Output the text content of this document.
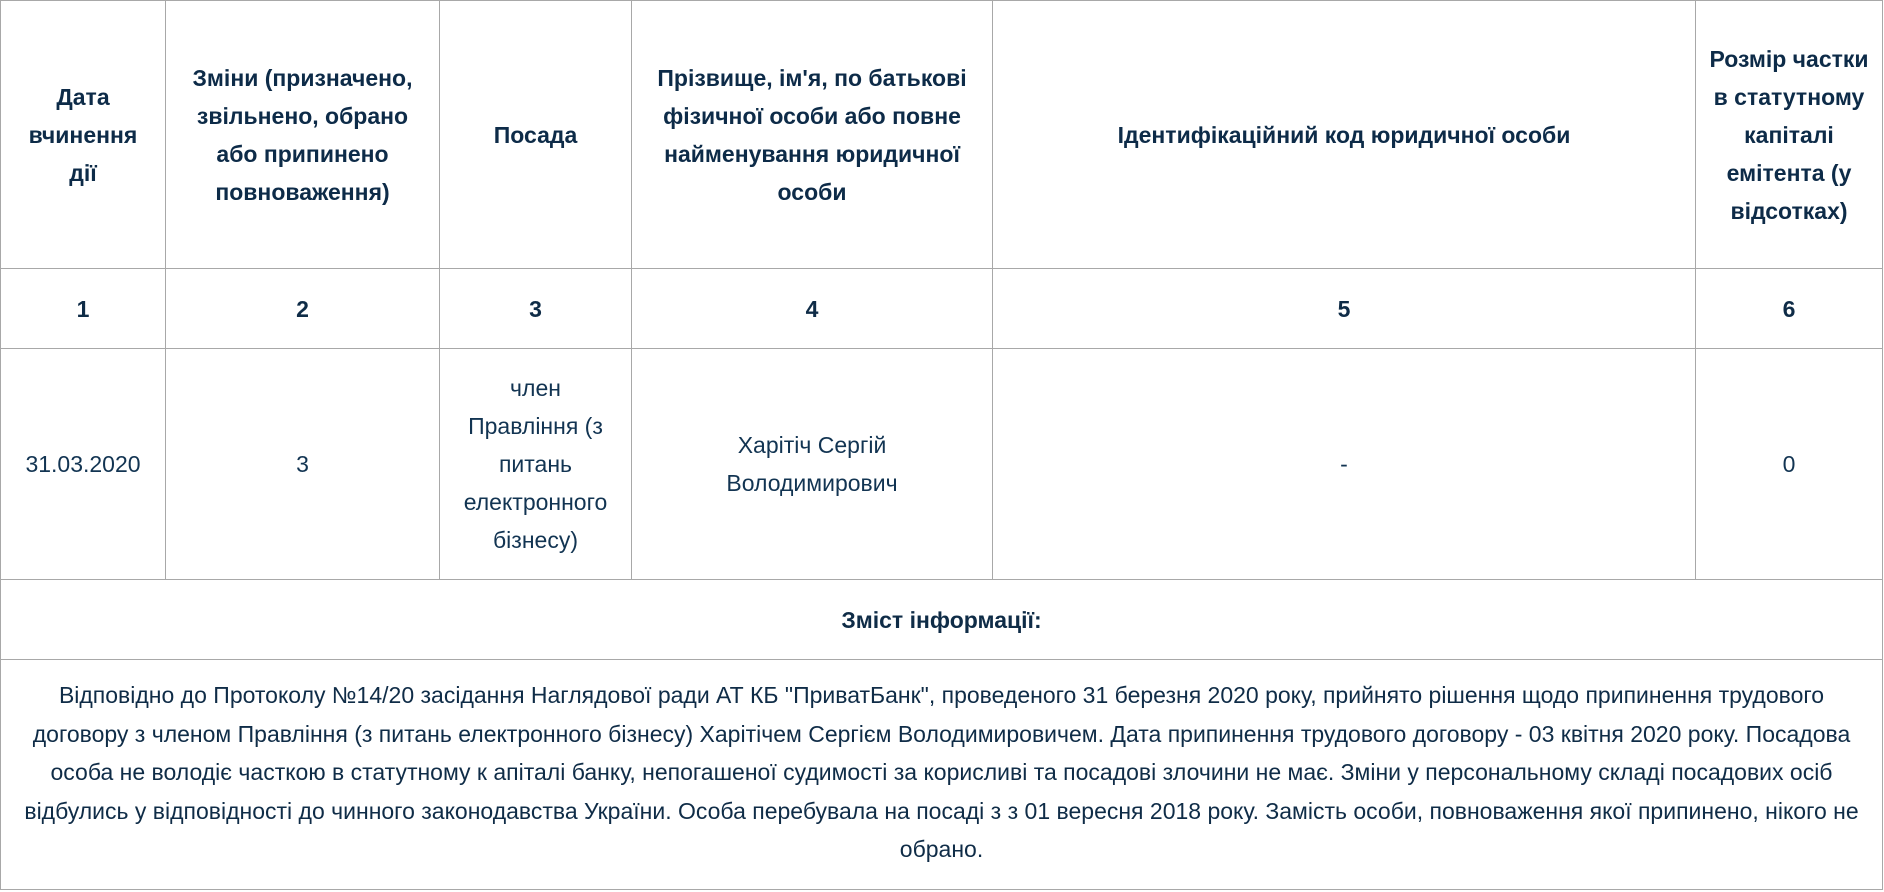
Дата вчинення дії	Зміни (призначено, звільнено, обрано або припинено повноваження)	Посада	Прізвище, ім'я, по батькові фізичної особи або повне найменування юридичної особи	Ідентифікаційний код юридичної особи	Розмір частки в статутному капіталі емітента (у відсотках)
1	2	3	4	5	6
31.03.2020	3	член Правління (з питань електронного бізнесу)	Харітіч Сергій Володимирович	-	0
Зміст інформації:					
Відповідно до Протоколу №14/20 засідання Наглядової ради АТ КБ "ПриватБанк", проведеного 31 березня 2020 року, прийнято рішення щодо припинення трудового договору з членом Правління (з питань електронного бізнесу) Харітічем Сергієм Володимировичем. Дата припинення трудового договору - 03 квітня 2020 року. Посадова особа не володіє часткою в статутному к апіталі банку, непогашеної судимості за корисливі та посадові злочини не має. Зміни у персональному складі посадових осіб відбулись у відповідності до чинного законодавства України. Особа перебувала на посаді з з 01 вересня 2018 року. Замість особи, повноваження якої припинено, нікого не обрано.					
